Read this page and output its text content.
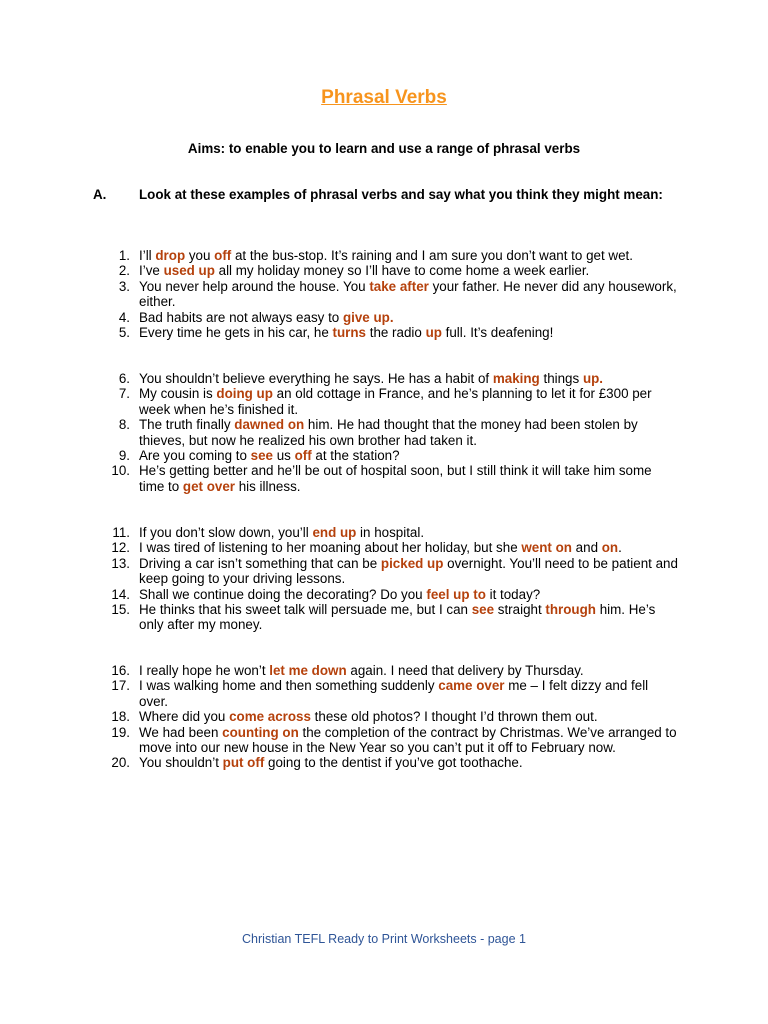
Phrasal Verbs
Aims: to enable you to learn and use a range of phrasal verbs
A. Look at these examples of phrasal verbs and say what you think they might mean:
1. I’ll drop you off at the bus-stop. It’s raining and I am sure you don’t want to get wet.
2. I’ve used up all my holiday money so I’ll have to come home a week earlier.
3. You never help around the house. You take after your father. He never did any housework, either.
4. Bad habits are not always easy to give up.
5. Every time he gets in his car, he turns the radio up full. It’s deafening!
6. You shouldn’t believe everything he says. He has a habit of making things up.
7. My cousin is doing up an old cottage in France, and he’s planning to let it for £300 per week when he’s finished it.
8. The truth finally dawned on him. He had thought that the money had been stolen by thieves, but now he realized his own brother had taken it.
9. Are you coming to see us off at the station?
10. He’s getting better and he’ll be out of hospital soon, but I still think it will take him some time to get over his illness.
11. If you don’t slow down, you’ll end up in hospital.
12. I was tired of listening to her moaning about her holiday, but she went on and on.
13. Driving a car isn’t something that can be picked up overnight. You’ll need to be patient and keep going to your driving lessons.
14. Shall we continue doing the decorating? Do you feel up to it today?
15. He thinks that his sweet talk will persuade me, but I can see straight through him. He’s only after my money.
16. I really hope he won’t let me down again. I need that delivery by Thursday.
17. I was walking home and then something suddenly came over me – I felt dizzy and fell over.
18. Where did you come across these old photos? I thought I’d thrown them out.
19. We had been counting on the completion of the contract by Christmas. We’ve arranged to move into our new house in the New Year so you can’t put it off to February now.
20. You shouldn’t put off going to the dentist if you’ve got toothache.
Christian TEFL Ready to Print Worksheets - page 1
